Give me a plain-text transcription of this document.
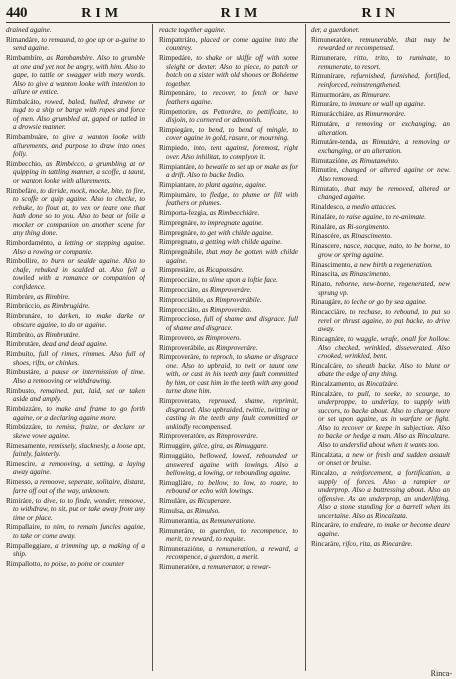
440	RIM	RIM	RIN

drained againe.

Rimandáre, to remaund, to goe up or a-gaine to send againe.

Rimbambíre, as Rambambíre. Also to grumble at one and yet not be angry, with him. Also to gape, to tattle or swagger with mery words. Also to give a wanton looke with intention to allure or entice.

Rimbalcáto, rowed, baled, hulled, drawne or tugd to a ship or barge with ropes and force of men. Also grumbled at, gaped or tatled in a drowsie manner.

Rimbambuáre, to give a wanton looke with allurements, and purpose to draw into ones folly.

Rimbecchio, as Rimbécco, a grumbling at or quipping in tattling manner, a scoffe, a taunt, or wanton looke with allurements.

Rimbefáre, to deride, mock, mocke, bite, to fire, to scoffe or quip againe. Also to checke, to rebuke, to flout at, to vex or teare one that hath done so to you. Also to beat or foile a mocker or companion on another scene for any thing done.

Rimbordaménto, a letting or stepping againe. Also a rowing or companie.

Rimbollire, to burn or sealde againe. Also to chafe, rebuked in scalded at. Also fell a towiled with a romance or companion of confidence.

Rimbrúre, as Rimbire.

Rimbrúccio, as Rimbrugiáre.

Rimbrunáre, to darken, to make darke or obscure againe, to do or againe.

Rimbrúto, as Rimbrutáre.

Rimbrutáre, dead and dead againe.

Rimbuíto, full of rimes, rimmes. Also full of shoes, rifts, or chinkes.

Rimbustáre, a pause or intermission of time. Also a remooving or withdrawing.

Rimbusto, remained, put, laid, set or taken aside and amply.

Rimbúzzáre, to make and frame to go forth againe, or a declaring againe more.

Rimbúzzáre, to remiss, fraize, or declare or skewe vowe againe.

Rimesamente, remissely, slacknesly, a loose apt, faintly, fainterly.

Rimescire, a remooving, a setting, a laying away againe.

Rimesso, a remoove, seperate, solitaire, distant, farre off out of the way, unknown.

Rimiráre, to dive, to to finde, wonder, remoove, to withdraw, to sit, put or take away from any time or place.

Rimpallaire, to nim, to remain funcles againe, to take or come away.

Rimpalleggiare, a trimming up, a making of a ship.

Rimpallotto, to poise, to point or counter

reacte together againe.

Rimpattriáto, placed or come againe into the countrey.

Rimpedáre, to shake or skiffe off with some sleight or dexter. Also to piece, to patch or botch on a sister with old shooes or Bohéeme together.

Rimpennáre, to recover, to fetch or have feathers againe.

Rimpettorire, as Pettoráre, to pettificate, to disjoin, to cornered or admonish.

Rimpiegáre, to bend, to bend of mingle, to cover againe in gold, rasure, or mourning.

Rimpiedo, into, tent against, foremost, right over. Also inhilitat, to complyon it.

Rimpiantáre, to bewaile to set up or make as for a drift. Also to backe Indio.

Rimpiantare, to plant againe, againe.

Rimpiumáre, to fledge, to plume or fill with feathers or plumes.

Rimporta-fezgia, as Rimbecchiáre.

Rimpregnáre, to impregnate againe.

Rimpregnáre, to get with childe againe.

Rimpregnato, a getting with childe againe.

Rimpregnábile, that may be gotten with childe againe.

Rimprestáre, as Ricaponsáre.

Rimprocciáre, to slime upon a loftie face.

Rimprocciáre, as Rimproveráre.

Rimprocciábile, as Rimproverábile.

Rimprocciáto, as Rimproveráto.

Rimproccioso, full of shame and disgrace. full of shame and disgrace.

Rimprovero, as Rimprovero.

Rimproverábile, as Rimproveráre.

Rimproveráre, to reproch, to shame or disgrace one. Also to upbraid, to twit or taunt one with, or cast in his teeth any fault committed by him, or cast him in the teeth with any good turne done him.

Rimproverato, reproued, shame, reprimit, disgraced. Also upbraided, twittie, twitting or casting in the teeth any fault committed or unkindly recompensed.

Rimproveratóre, as Rimproveráre.

Rimuggire, gilce, gira, as Rimuggare.

Rimuggiáto, bellowed, lowed, rebounded or answered againe with lowings. Also a bellowing, a lowing, or rebounding againe.

Rimugliáre, to bellow, to low, to roare, to rebound or echo with lowings.

Rimuláre, as Ricuperare.

Rimulsa, as Rimulso.

Rimunerantia, as Remuneratione.

Rimuneráre, to guerdon, to recompence, to merit, to reward, to requite.

Rimunerazióne, a remuneration, a reward, a recompence, a guerdon, a merit.

Rimuneratóre, a remunerator, a rewar-

der, a guerdoner.

Rimuneratóre, remunerable, that may be rewarded or recompensed.

Rimunerare, ritto, trito, to ruminate, to remunerate, to resort.

Rimunírare, refurnished, furnished, fortified, reinforced, reinstrengthened.

Rimurmoráre, as Rimurare.

Rimuráre, to immure or wall up againe.

Rimurácchiáre, as Rimurmoráre.

Rimutáre, a removing or exchanging, an alteration.

Rimutáre-tenda, as Rimutáre, a removing or exchanging, or an alteration.

Rimutazióne, as Rimutaménto.

Rimutíre, changed or altered againe or new. Also removed.

Rimutato, that may be removed, altered or changed againe.

Rinaldesco, a medio attacces.

Rinaláre, to raise againe, to re-animate.

Rinaláre, as Ri-sorgimento.

Rinascére, as Rinascimento.

Rinascere, nasce, nacque, nato, to be borne, to grow or spring againe.

Rinascimento, a new birth a regeneration.

Rinascita, as Rinascimento.

Rinato, reborne, new-borne, regenerated, new sprung vp.

Rinaugáre, to leche or go by sea againe.

Rincacciáre, to rechase, to rebound, to put so rerel or thrust againe, to put backe, to drive away.

Rincagnáre, to waggle, wrafe, onall for hollow. Also checked, wrinkled, disseverated. Also crooked, wrinkled, bent.

Rincalcáre, to sheath backe. Also to blunt or abate the edge of any thing.

Rincalzamento, as Rincalzáre.

Rincalzáre, to pull, to seeke, to scourge, to underproppe, to underlay, to supply with succors, to backe about. Also to charge more or set upon againe, as in warfare or fight. Also to recover or keepe in subjection. Also to backe or hedge a man. Also as Rincalzare. Also to underslid about when it wants too.

Rincalzata, a new or fresh and sudden assault or onset or bruise.

Rincalzo, a reinforcement, a fortification, a supply of forces. Also a rampier or underprop. Also a buttressing about. Also an offensive. As an underprop, an underlifting. Also a stone standing for a barrell when its uncertaine. Also as Rincalzata.

Rincaráre, to endeare, to make or become deare againe.

Rincaráre, rifco, rita, as Rincaráre.

Rinca-
